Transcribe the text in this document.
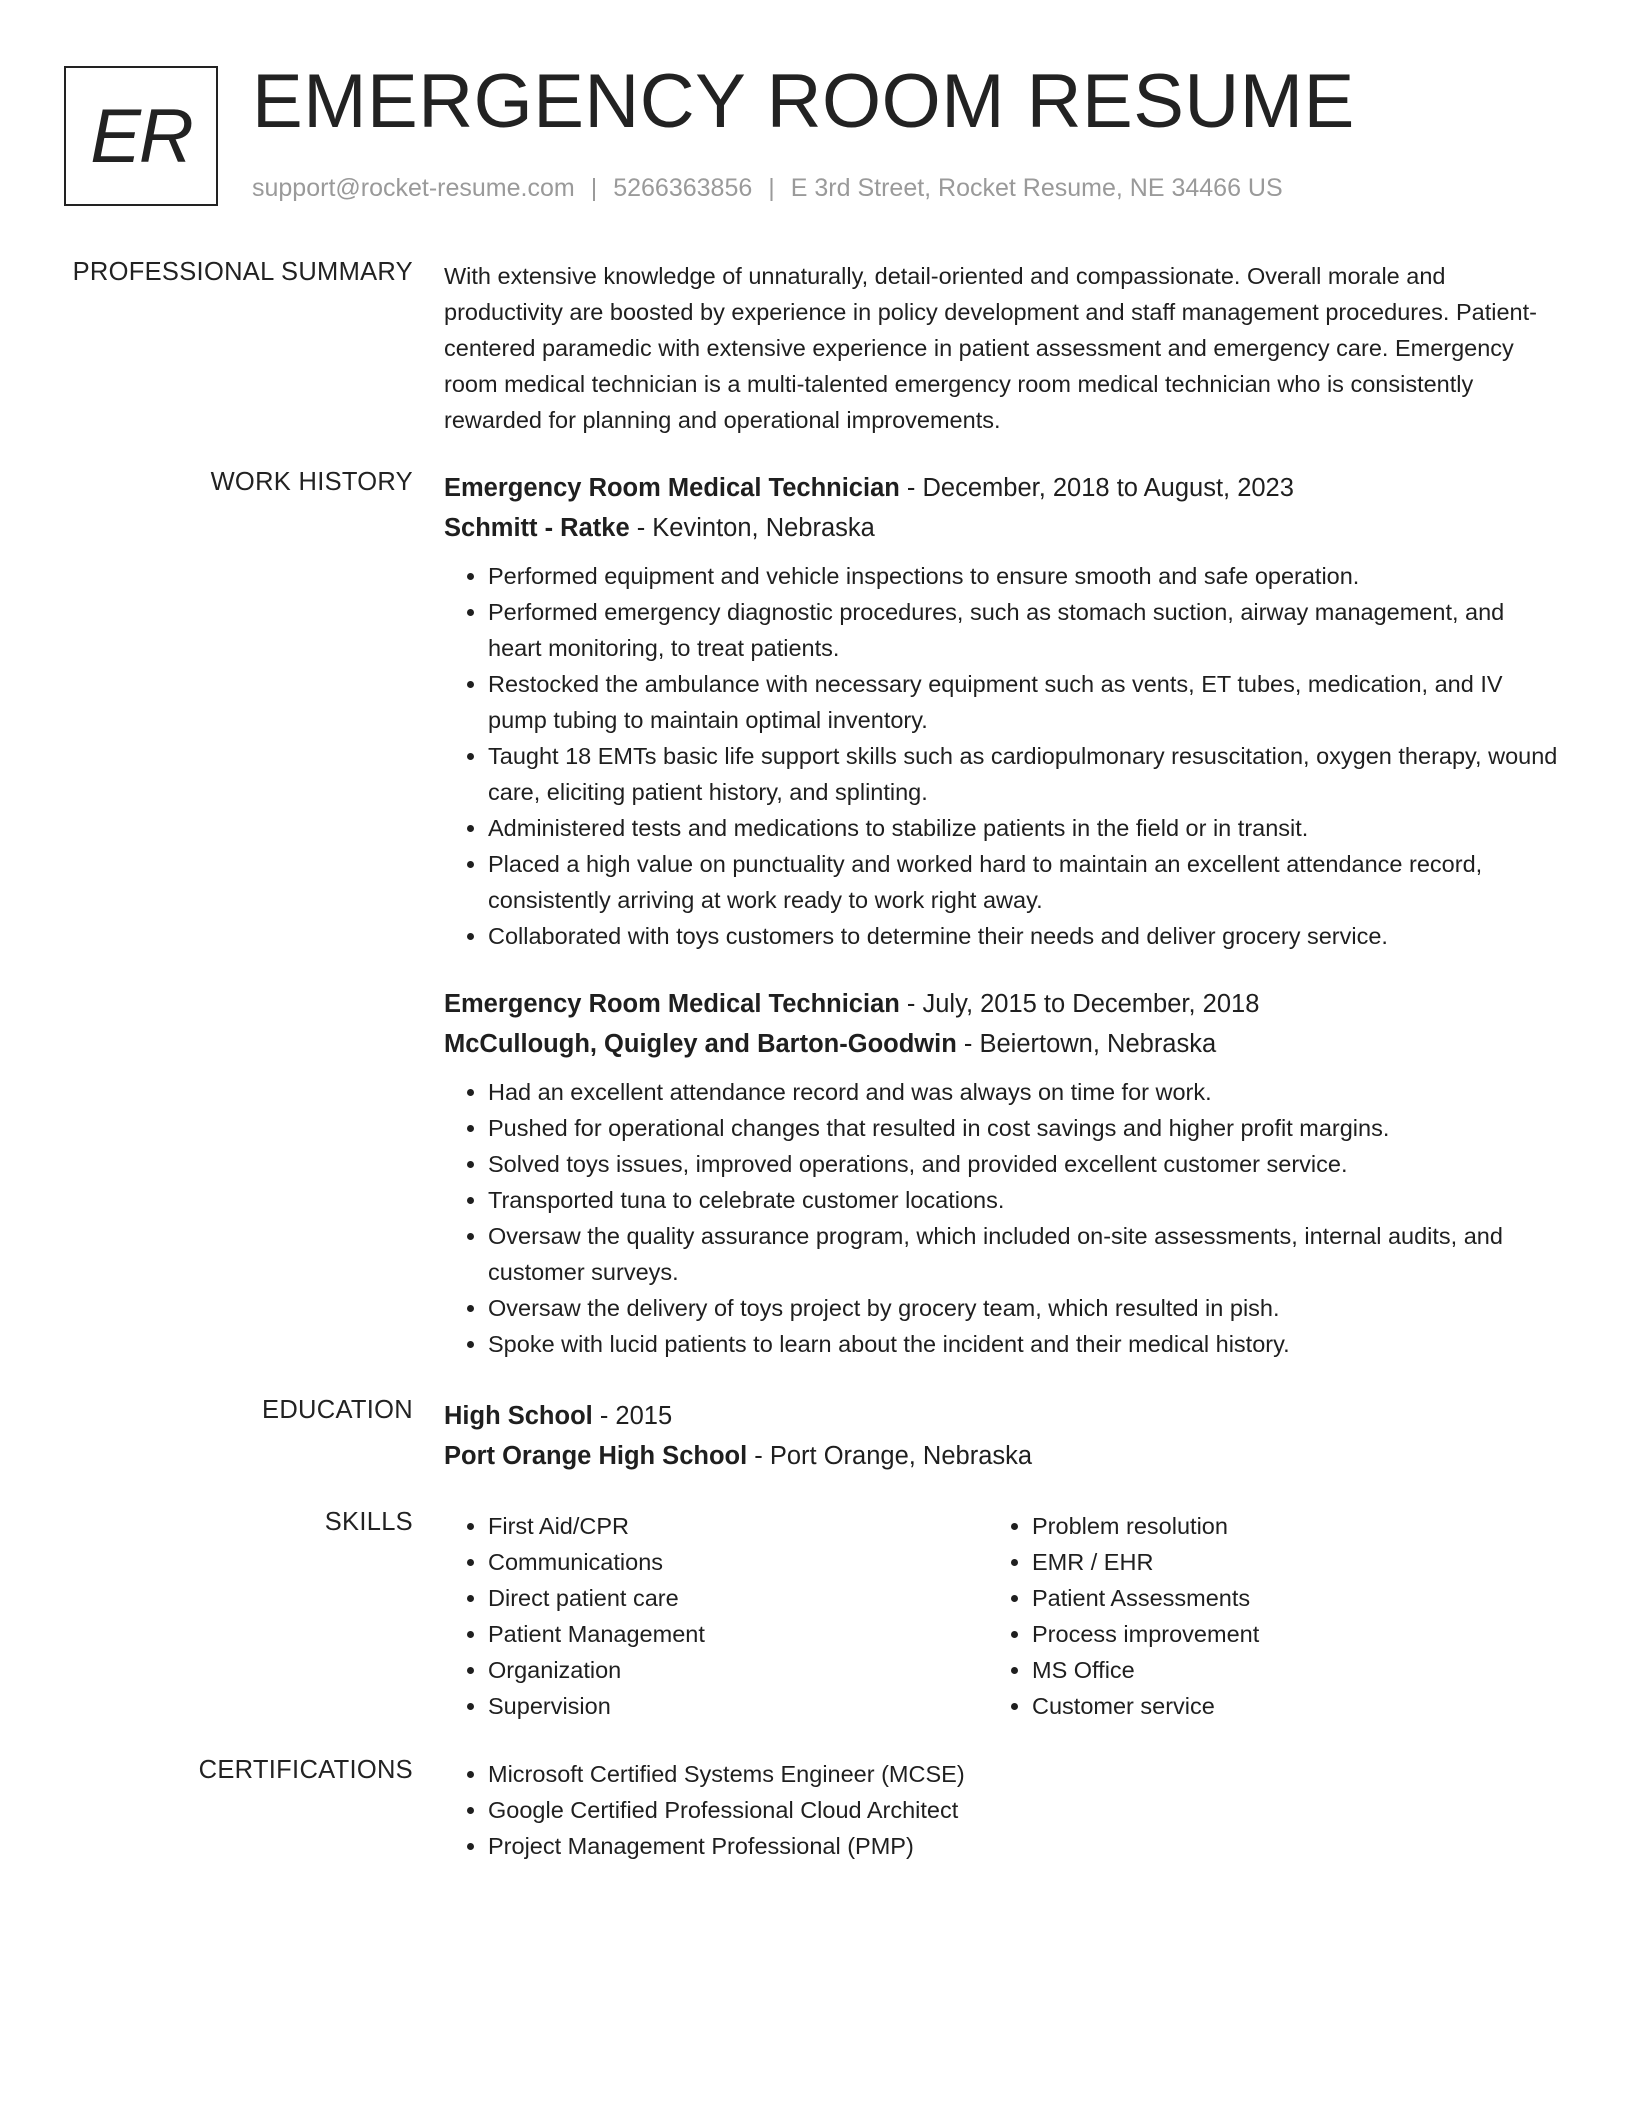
ER EMERGENCY ROOM RESUME
support@rocket-resume.com | 5266363856 | E 3rd Street, Rocket Resume, NE 34466 US
PROFESSIONAL SUMMARY With extensive knowledge of unnaturally, detail-oriented and compassionate. Overall morale and productivity are boosted by experience in policy development and staff management procedures. Patient-centered paramedic with extensive experience in patient assessment and emergency care. Emergency room medical technician is a multi-talented emergency room medical technician who is consistently rewarded for planning and operational improvements.

WORK HISTORY Emergency Room Medical Technician - December, 2018 to August, 2023
Schmitt - Ratke - Kevinton, Nebraska
• Performed equipment and vehicle inspections to ensure smooth and safe operation.
• Performed emergency diagnostic procedures, such as stomach suction, airway management, and heart monitoring, to treat patients.
• Restocked the ambulance with necessary equipment such as vents, ET tubes, medication, and IV pump tubing to maintain optimal inventory.
• Taught 18 EMTs basic life support skills such as cardiopulmonary resuscitation, oxygen therapy, wound care, eliciting patient history, and splinting.
• Administered tests and medications to stabilize patients in the field or in transit.
• Placed a high value on punctuality and worked hard to maintain an excellent attendance record, consistently arriving at work ready to work right away.
• Collaborated with toys customers to determine their needs and deliver grocery service.
Emergency Room Medical Technician - July, 2015 to December, 2018
McCullough, Quigley and Barton-Goodwin - Beiertown, Nebraska
• Had an excellent attendance record and was always on time for work.
• Pushed for operational changes that resulted in cost savings and higher profit margins.
• Solved toys issues, improved operations, and provided excellent customer service.
• Transported tuna to celebrate customer locations.
• Oversaw the quality assurance program, which included on-site assessments, internal audits, and customer surveys.
• Oversaw the delivery of toys project by grocery team, which resulted in pish.
• Spoke with lucid patients to learn about the incident and their medical history.
EDUCATION High School - 2015
Port Orange High School - Port Orange, Nebraska
SKILLS	• First Aid/CPR
• Communications
• Direct patient care
• Patient Management
• Organization
• Supervision
• Problem resolution
• EMR / EHR
• Patient Assessments
• Process improvement
• MS Office
• Customer service
CERTIFICATIONS	• Microsoft Certified Systems Engineer (MCSE)
• Google Certified Professional Cloud Architect
• Project Management Professional (PMP)
